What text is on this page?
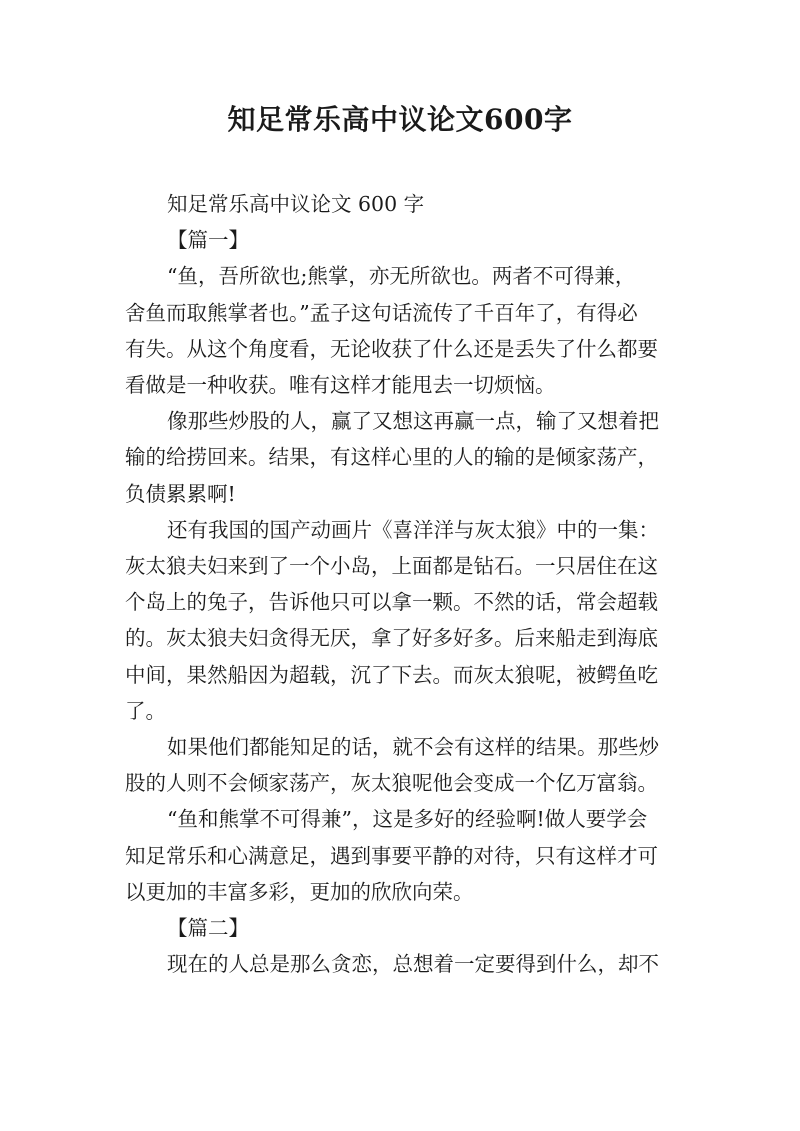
知足常乐高中议论文600字

知足常乐高中议论文 600 字

【篇一】

“鱼，吾所欲也;熊掌，亦无所欲也。两者不可得兼，

舍鱼而取熊掌者也。”孟子这句话流传了千百年了，有得必

有失。从这个角度看，无论收获了什么还是丢失了什么都要

看做是一种收获。唯有这样才能甩去一切烦恼。

像那些炒股的人，赢了又想这再赢一点，输了又想着把

输的给捞回来。结果，有这样心里的人的输的是倾家荡产，

负债累累啊!

还有我国的国产动画片《喜洋洋与灰太狼》中的一集：

灰太狼夫妇来到了一个小岛，上面都是钻石。一只居住在这

个岛上的兔子，告诉他只可以拿一颗。不然的话，常会超载

的。灰太狼夫妇贪得无厌，拿了好多好多。后来船走到海底

中间，果然船因为超载，沉了下去。而灰太狼呢，被鳄鱼吃

了。

如果他们都能知足的话，就不会有这样的结果。那些炒

股的人则不会倾家荡产，灰太狼呢他会变成一个亿万富翁。

“鱼和熊掌不可得兼”，这是多好的经验啊!做人要学会

知足常乐和心满意足，遇到事要平静的对待，只有这样才可

以更加的丰富多彩，更加的欣欣向荣。

【篇二】

现在的人总是那么贪恋，总想着一定要得到什么，却不
